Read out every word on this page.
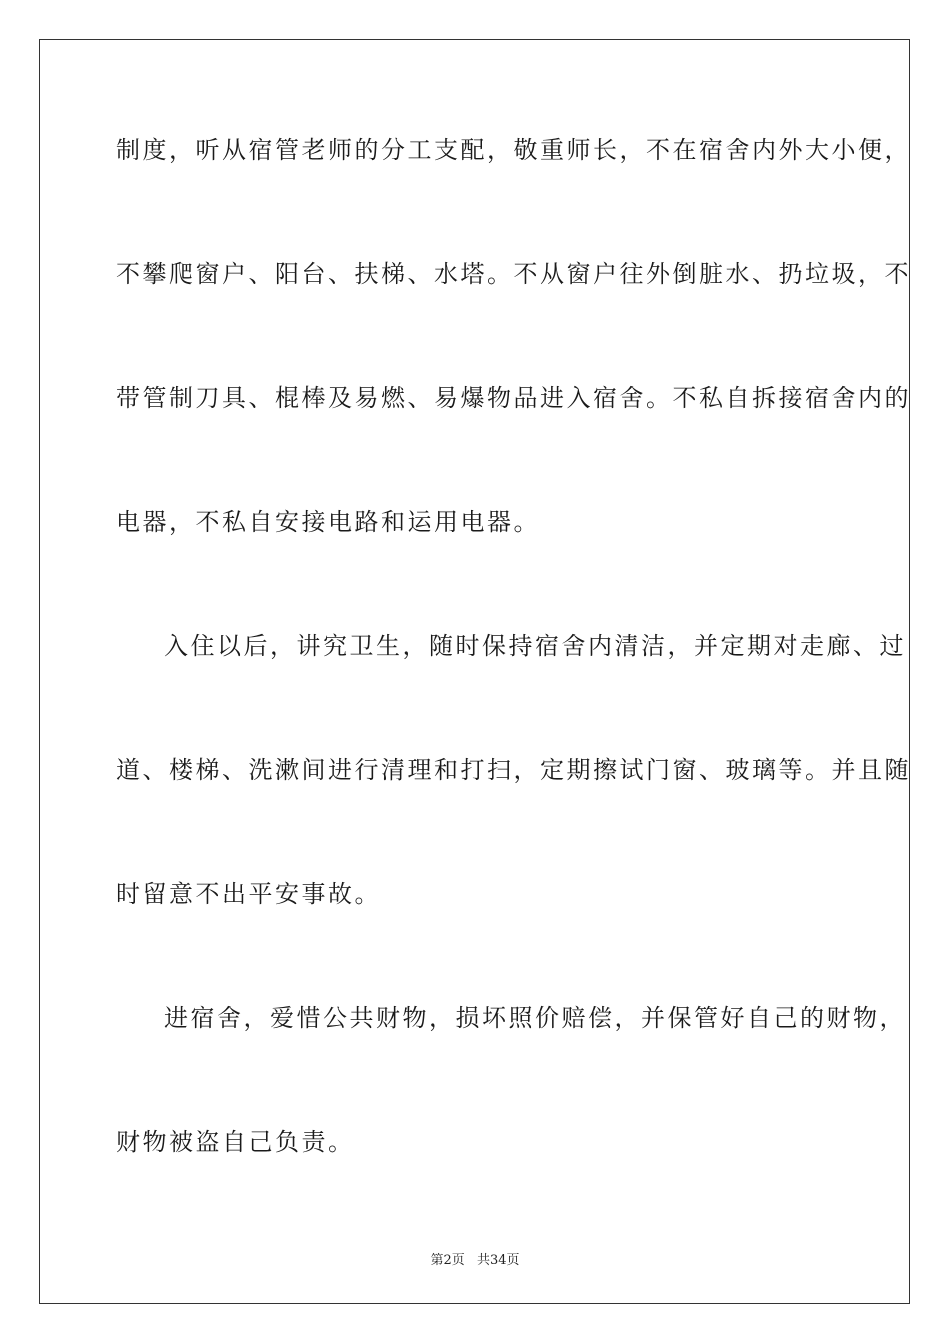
制度，听从宿管老师的分工支配，敬重师长，不在宿舍内外大小便，
不攀爬窗户、阳台、扶梯、水塔。不从窗户往外倒脏水、扔垃圾，不
带管制刀具、棍棒及易燃、易爆物品进入宿舍。不私自拆接宿舍内的
电器，不私自安接电路和运用电器。
入住以后，讲究卫生，随时保持宿舍内清洁，并定期对走廊、过
道、楼梯、洗漱间进行清理和打扫，定期擦试门窗、玻璃等。并且随
时留意不出平安事故。
进宿舍，爱惜公共财物，损坏照价赔偿，并保管好自己的财物，
财物被盗自己负责。
第2页 共34页
